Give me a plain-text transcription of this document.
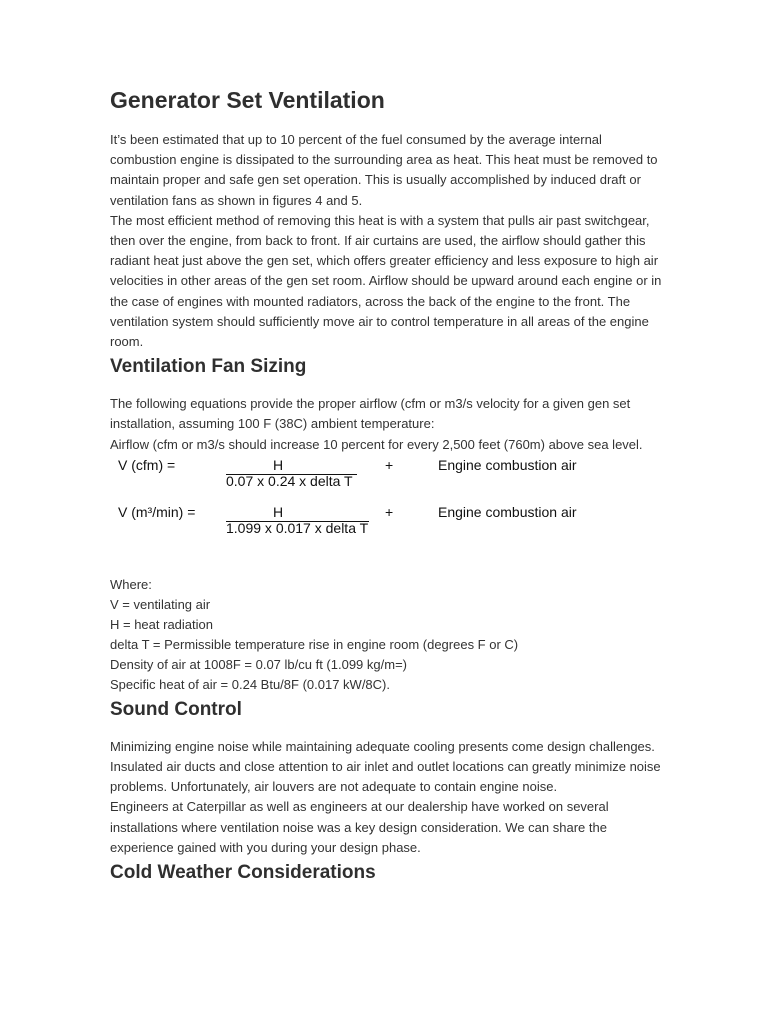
Generator Set Ventilation

It’s been estimated that up to 10 percent of the fuel consumed by the average internal combustion engine is dissipated to the surrounding area as heat. This heat must be removed to maintain proper and safe gen set operation. This is usually accomplished by induced draft or ventilation fans as shown in figures 4 and 5.

The most efficient method of removing this heat is with a system that pulls air past switchgear, then over the engine, from back to front. If air curtains are used, the airflow should gather this radiant heat just above the gen set, which offers greater efficiency and less exposure to high air velocities in other areas of the gen set room. Airflow should be upward around each engine or in the case of engines with mounted radiators, across the back of the engine to the front. The ventilation system should sufficiently move air to control temperature in all areas of the engine room.

Ventilation Fan Sizing

The following equations provide the proper airflow (cfm or m3/s velocity for a given gen set installation, assuming 100 F (38C) ambient temperature:

Airflow (cfm or m3/s should increase 10 percent for every 2,500 feet (760m) above sea level.

V (cfm) =	H
0.07 x 0.24 x delta T
+	Engine combustion air
V (m³/min) =	H
1.099 x 0.017 x delta T
+	Engine combustion air

Where:

V = ventilating air

H = heat radiation

delta T = Permissible temperature rise in engine room (degrees F or C)

Density of air at 1008F = 0.07 lb/cu ft (1.099 kg/m=)

Specific heat of air = 0.24 Btu/8F (0.017 kW/8C).

Sound Control

Minimizing engine noise while maintaining adequate cooling presents come design challenges. Insulated air ducts and close attention to air inlet and outlet locations can greatly minimize noise problems. Unfortunately, air louvers are not adequate to contain engine noise.

Engineers at Caterpillar as well as engineers at our dealership have worked on several installations where ventilation noise was a key design consideration. We can share the experience gained with you during your design phase.

Cold Weather Considerations
